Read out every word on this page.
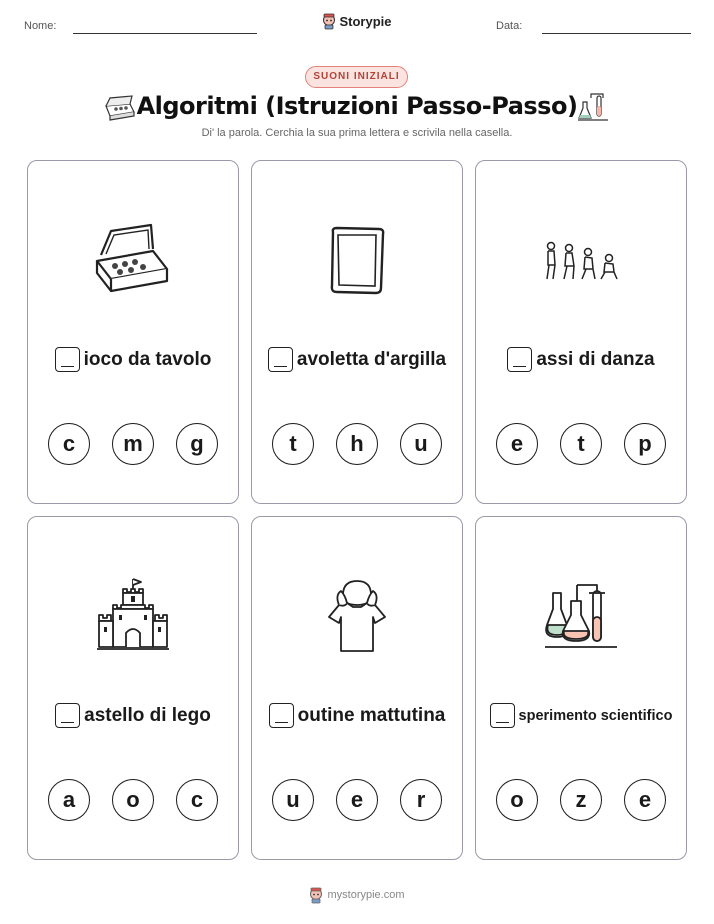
Nome:	Storypie	Data:
SUONI INIZIALI
Algoritmi (Istruzioni Passo-Passo)
Di' la parola. Cerchia la sua prima lettera e scrivila nella casella.
ioco da tavolo
c	m	g
avoletta d'argilla
t	h	u
assi di danza
e	t	p
astello di lego
a	o	c
outine mattutina
u	e	r
sperimento scientifico
o	z	e
mystorypie.com
